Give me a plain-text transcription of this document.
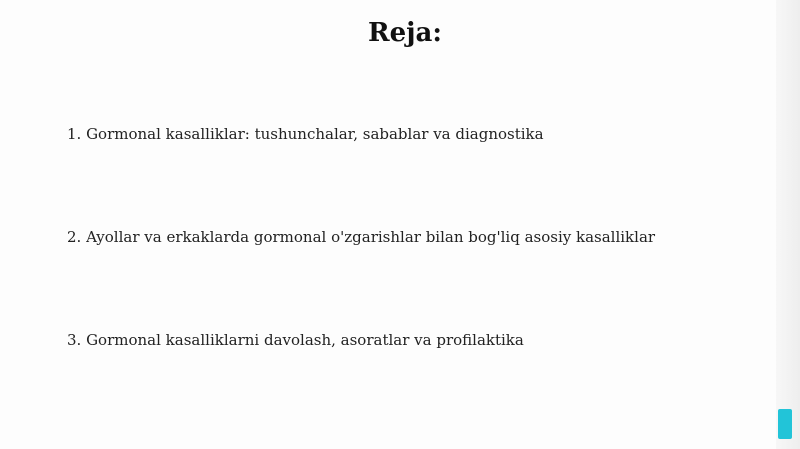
Reja:
1. Gormonal kasalliklar: tushunchalar, sabablar va diagnostika
2. Ayollar va erkaklarda gormonal o'zgarishlar bilan bog'liq asosiy kasalliklar
3. Gormonal kasalliklarni davolash, asoratlar va profilaktika
